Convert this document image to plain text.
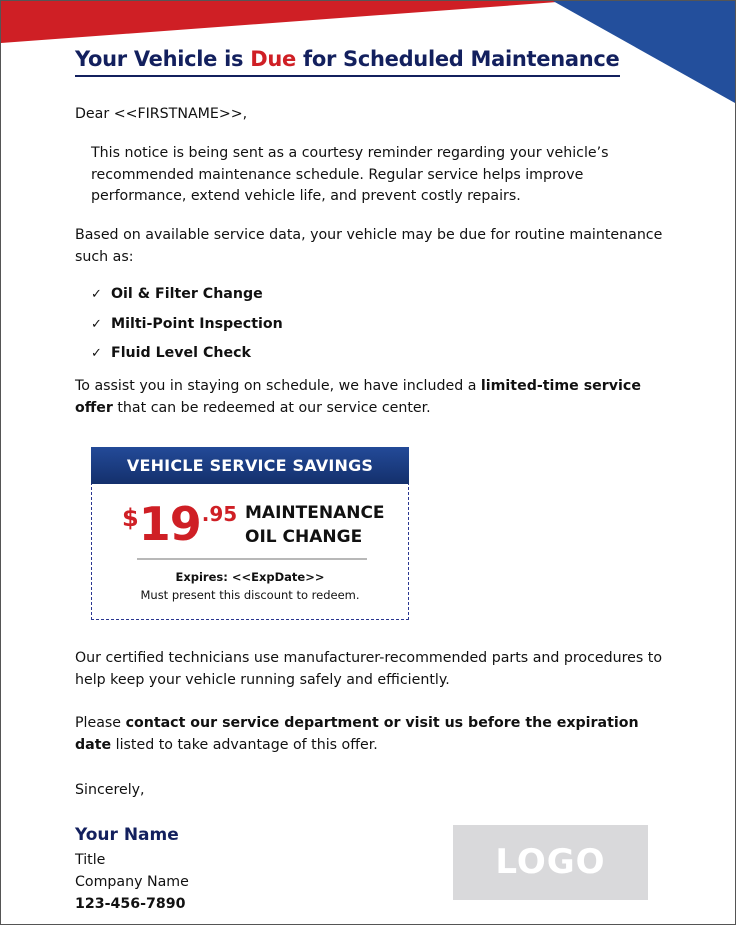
Your Vehicle is Due for Scheduled Maintenance

Dear <<FIRSTNAME>>,

This notice is being sent as a courtesy reminder regarding your vehicle’s recommended maintenance schedule. Regular service helps improve performance, extend vehicle life, and prevent costly repairs.

Based on available service data, your vehicle may be due for routine maintenance such as:

✓ Oil & Filter Change
✓ Milti-Point Inspection
✓ Fluid Level Check

To assist you in staying on schedule, we have included a limited-time service offer that can be redeemed at our service center.

VEHICLE SERVICE SAVINGS
$19.95 MAINTENANCE
OIL CHANGE
Expires: <<ExpDate>>
Must present this discount to redeem.

Our certified technicians use manufacturer-recommended parts and procedures to help keep your vehicle running safely and efficiently.

Please contact our service department or visit us before the expiration date listed to take advantage of this offer.

Sincerely,

Your Name

Title
Company Name
123-456-7890
LOGO
